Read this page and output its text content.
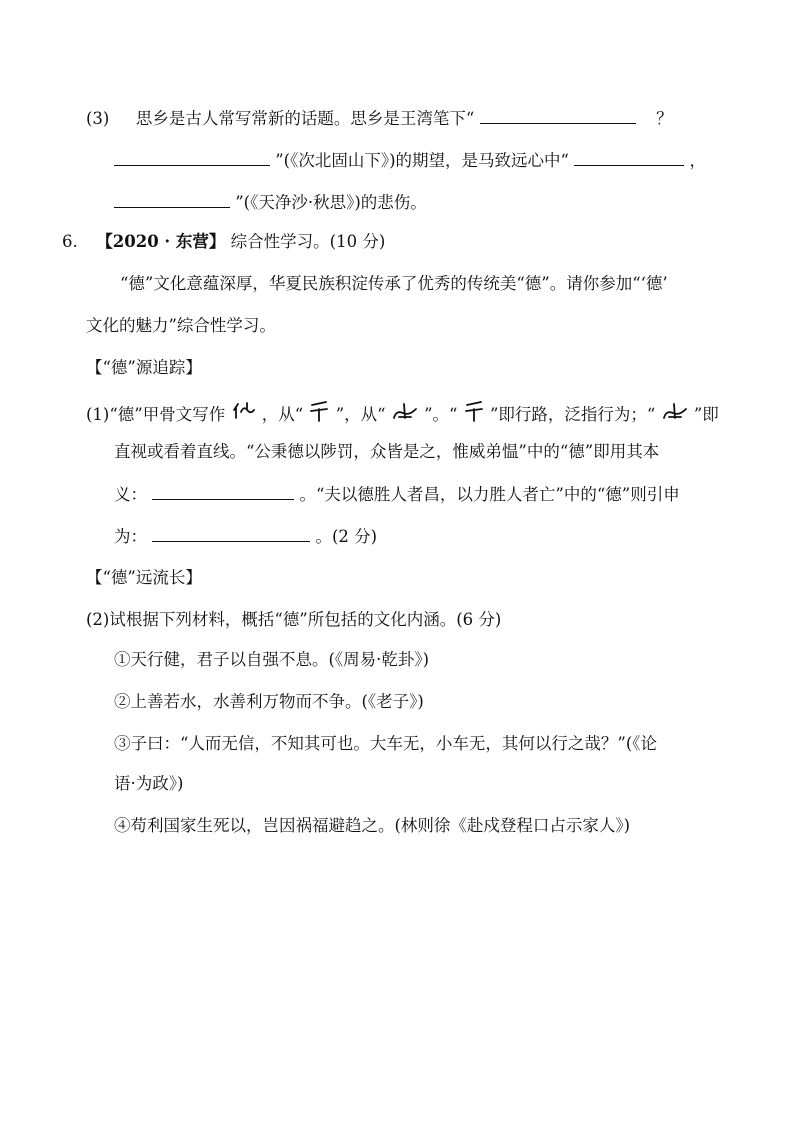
(3) 思乡是古人常写常新的话题。思乡是王湾笔下“	？
”(《次北固山下》)的期望，是马致远心中“	，
”(《天净沙·秋思》)的悲伤。
6. 【2020 · 东营】 综合性学习。(10 分)
“德”文化意蕴深厚，华夏民族积淀传承了优秀的传统美“德”。请你参加“‘德’
文化的魅力”综合性学习。
【“德”源追踪】
(1)“德”甲骨文写作 ，从“ ”，从“ ”。“ ”即行路，泛指行为；“ ”即
直视或看着直线。“公秉德以陟罚，众皆是之，惟威弟愠”中的“德”即用其本
义：	。“夫以德胜人者昌，以力胜人者亡”中的“德”则引申
为：	。(2 分)
【“德”远流长】
(2)试根据下列材料，概括“德”所包括的文化内涵。(6 分)
①天行健，君子以自强不息。(《周易·乾卦》)
②上善若水，水善利万物而不争。(《老子》)
③子曰：“人而无信，不知其可也。大车无，小车无，其何以行之哉？”(《论
语·为政》)
④苟利国家生死以，岂因祸福避趋之。(林则徐《赴戍登程口占示家人》)
